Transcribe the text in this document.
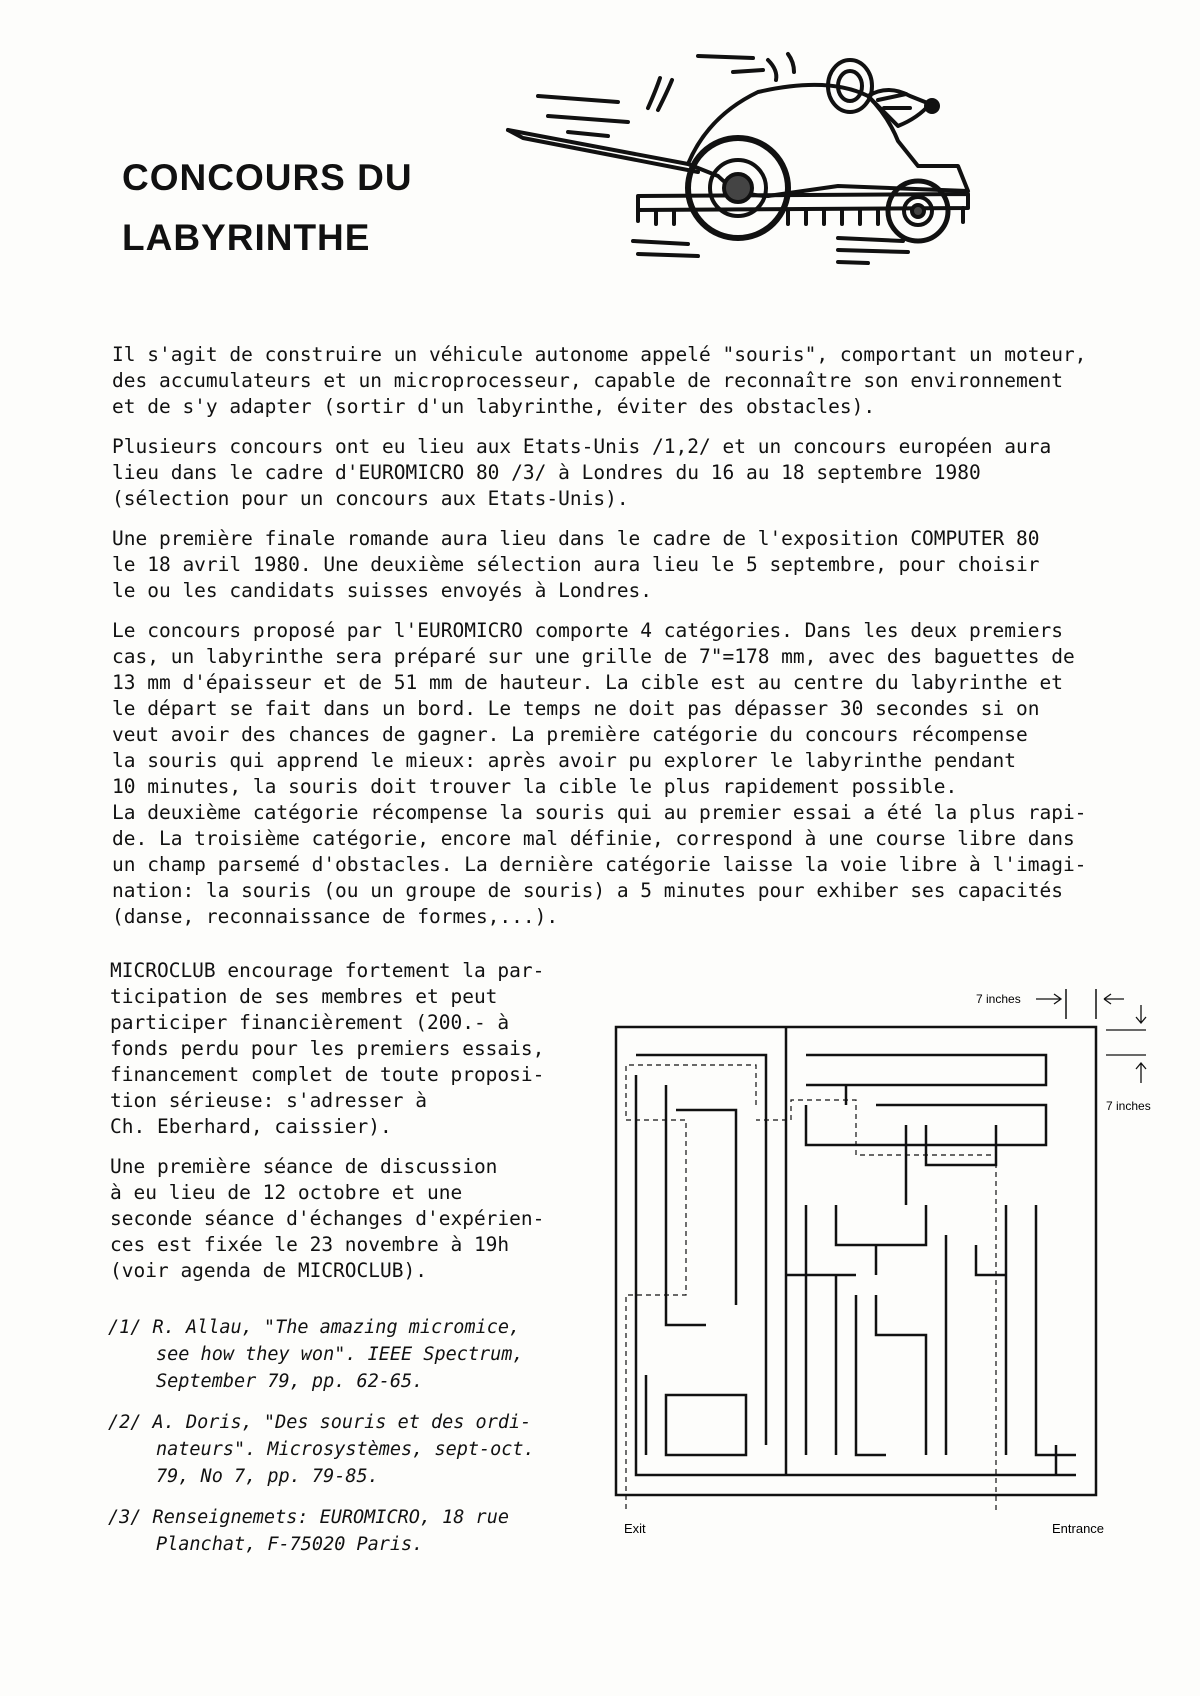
CONCOURS DU
LABYRINTHE

Il s'agit de construire un véhicule autonome appelé "souris", comportant un moteur,
des accumulateurs et un microprocesseur, capable de reconnaître son environnement
et de s'y adapter (sortir d'un labyrinthe, éviter des obstacles).

Plusieurs concours ont eu lieu aux Etats-Unis /1,2/ et un concours européen aura
lieu dans le cadre d'EUROMICRO 80 /3/ à Londres du 16 au 18 septembre 1980
(sélection pour un concours aux Etats-Unis).

Une première finale romande aura lieu dans le cadre de l'exposition COMPUTER 80
le 18 avril 1980. Une deuxième sélection aura lieu le 5 septembre, pour choisir
le ou les candidats suisses envoyés à Londres.

Le concours proposé par l'EUROMICRO comporte 4 catégories. Dans les deux premiers
cas, un labyrinthe sera préparé sur une grille de 7"=178 mm, avec des baguettes de
13 mm d'épaisseur et de 51 mm de hauteur. La cible est au centre du labyrinthe et
le départ se fait dans un bord. Le temps ne doit pas dépasser 30 secondes si on
veut avoir des chances de gagner. La première catégorie du concours récompense
la souris qui apprend le mieux: après avoir pu explorer le labyrinthe pendant
10 minutes, la souris doit trouver la cible le plus rapidement possible.
La deuxième catégorie récompense la souris qui au premier essai a été la plus rapi-
de. La troisième catégorie, encore mal définie, correspond à une course libre dans
un champ parsemé d'obstacles. La dernière catégorie laisse la voie libre à l'imagi-
nation: la souris (ou un groupe de souris) a 5 minutes pour exhiber ses capacités
(danse, reconnaissance de formes,...).

MICROCLUB encourage fortement la par-
ticipation de ses membres et peut
participer financièrement (200.- à
fonds perdu pour les premiers essais,
financement complet de toute proposi-
tion sérieuse: s'adresser à
Ch. Eberhard, caissier).

Une première séance de discussion
à eu lieu de 12 octobre et une
seconde séance d'échanges d'expérien-
ces est fixée le 23 novembre à 19h
(voir agenda de MICROCLUB).

/1/ R. Allau, "The amazing micromice,
see how they won". IEEE Spectrum,
September 79, pp. 62-65.
/2/ A. Doris, "Des souris et des ordi-
nateurs". Microsystèmes, sept-oct.
79, No 7, pp. 79-85.
/3/ Renseignemets: EUROMICRO, 18 rue
Planchat, F-75020 Paris.
7 inches
7 inches
Exit	Entrance
